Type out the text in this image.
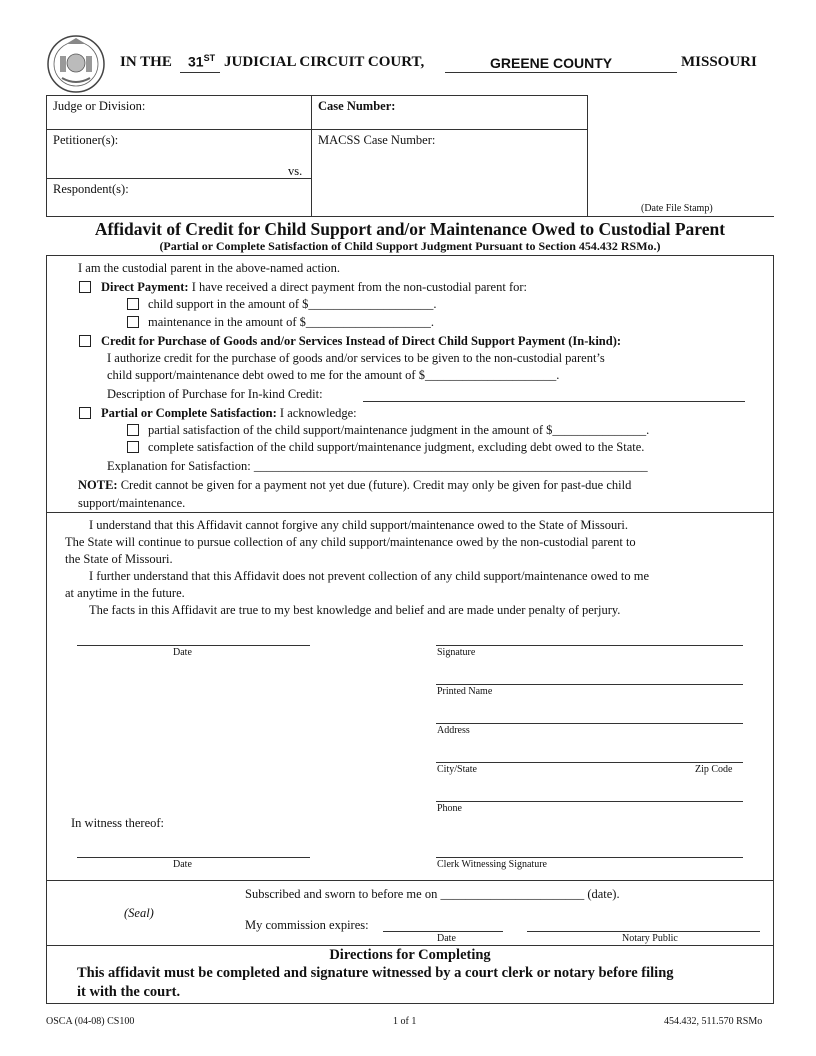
IN THE 31ST JUDICIAL CIRCUIT COURT,	GREENE COUNTY	MISSOURI
Judge or Division:	Case Number:
Petitioner(s):	MACSS Case Number:
vs.
Respondent(s):
(Date File Stamp)
Affidavit of Credit for Child Support and/or Maintenance Owed to Custodial Parent
(Partial or Complete Satisfaction of Child Support Judgment Pursuant to Section 454.432 RSMo.)
I am the custodial parent in the above-named action.
Direct Payment: I have received a direct payment from the non-custodial parent for:
child support in the amount of $____________________.
maintenance in the amount of $____________________.
Credit for Purchase of Goods and/or Services Instead of Direct Child Support Payment (In-kind):
I authorize credit for the purchase of goods and/or services to be given to the non-custodial parent’s
child support/maintenance debt owed to me for the amount of $_____________________.
Description of Purchase for In-kind Credit:
Partial or Complete Satisfaction: I acknowledge:
partial satisfaction of the child support/maintenance judgment in the amount of $_______________.
complete satisfaction of the child support/maintenance judgment, excluding debt owed to the State.
Explanation for Satisfaction: _______________________________________________________________
NOTE: Credit cannot be given for a payment not yet due (future). Credit may only be given for past-due child
support/maintenance.
I understand that this Affidavit cannot forgive any child support/maintenance owed to the State of Missouri.
The State will continue to pursue collection of any child support/maintenance owed by the non-custodial parent to
the State of Missouri.
I further understand that this Affidavit does not prevent collection of any child support/maintenance owed to me
at anytime in the future.
The facts in this Affidavit are true to my best knowledge and belief and are made under penalty of perjury.
Date	Signature
Printed Name
Address
City/State	Zip Code
Phone
In witness thereof:
Date	Clerk Witnessing Signature
Subscribed and sworn to before me on _______________________ (date).
(Seal)
My commission expires:
Date	Notary Public
Directions for Completing
This affidavit must be completed and signature witnessed by a court clerk or notary before filing
it with the court.
OSCA (04-08) CS100	1 of 1	454.432, 511.570 RSMo
